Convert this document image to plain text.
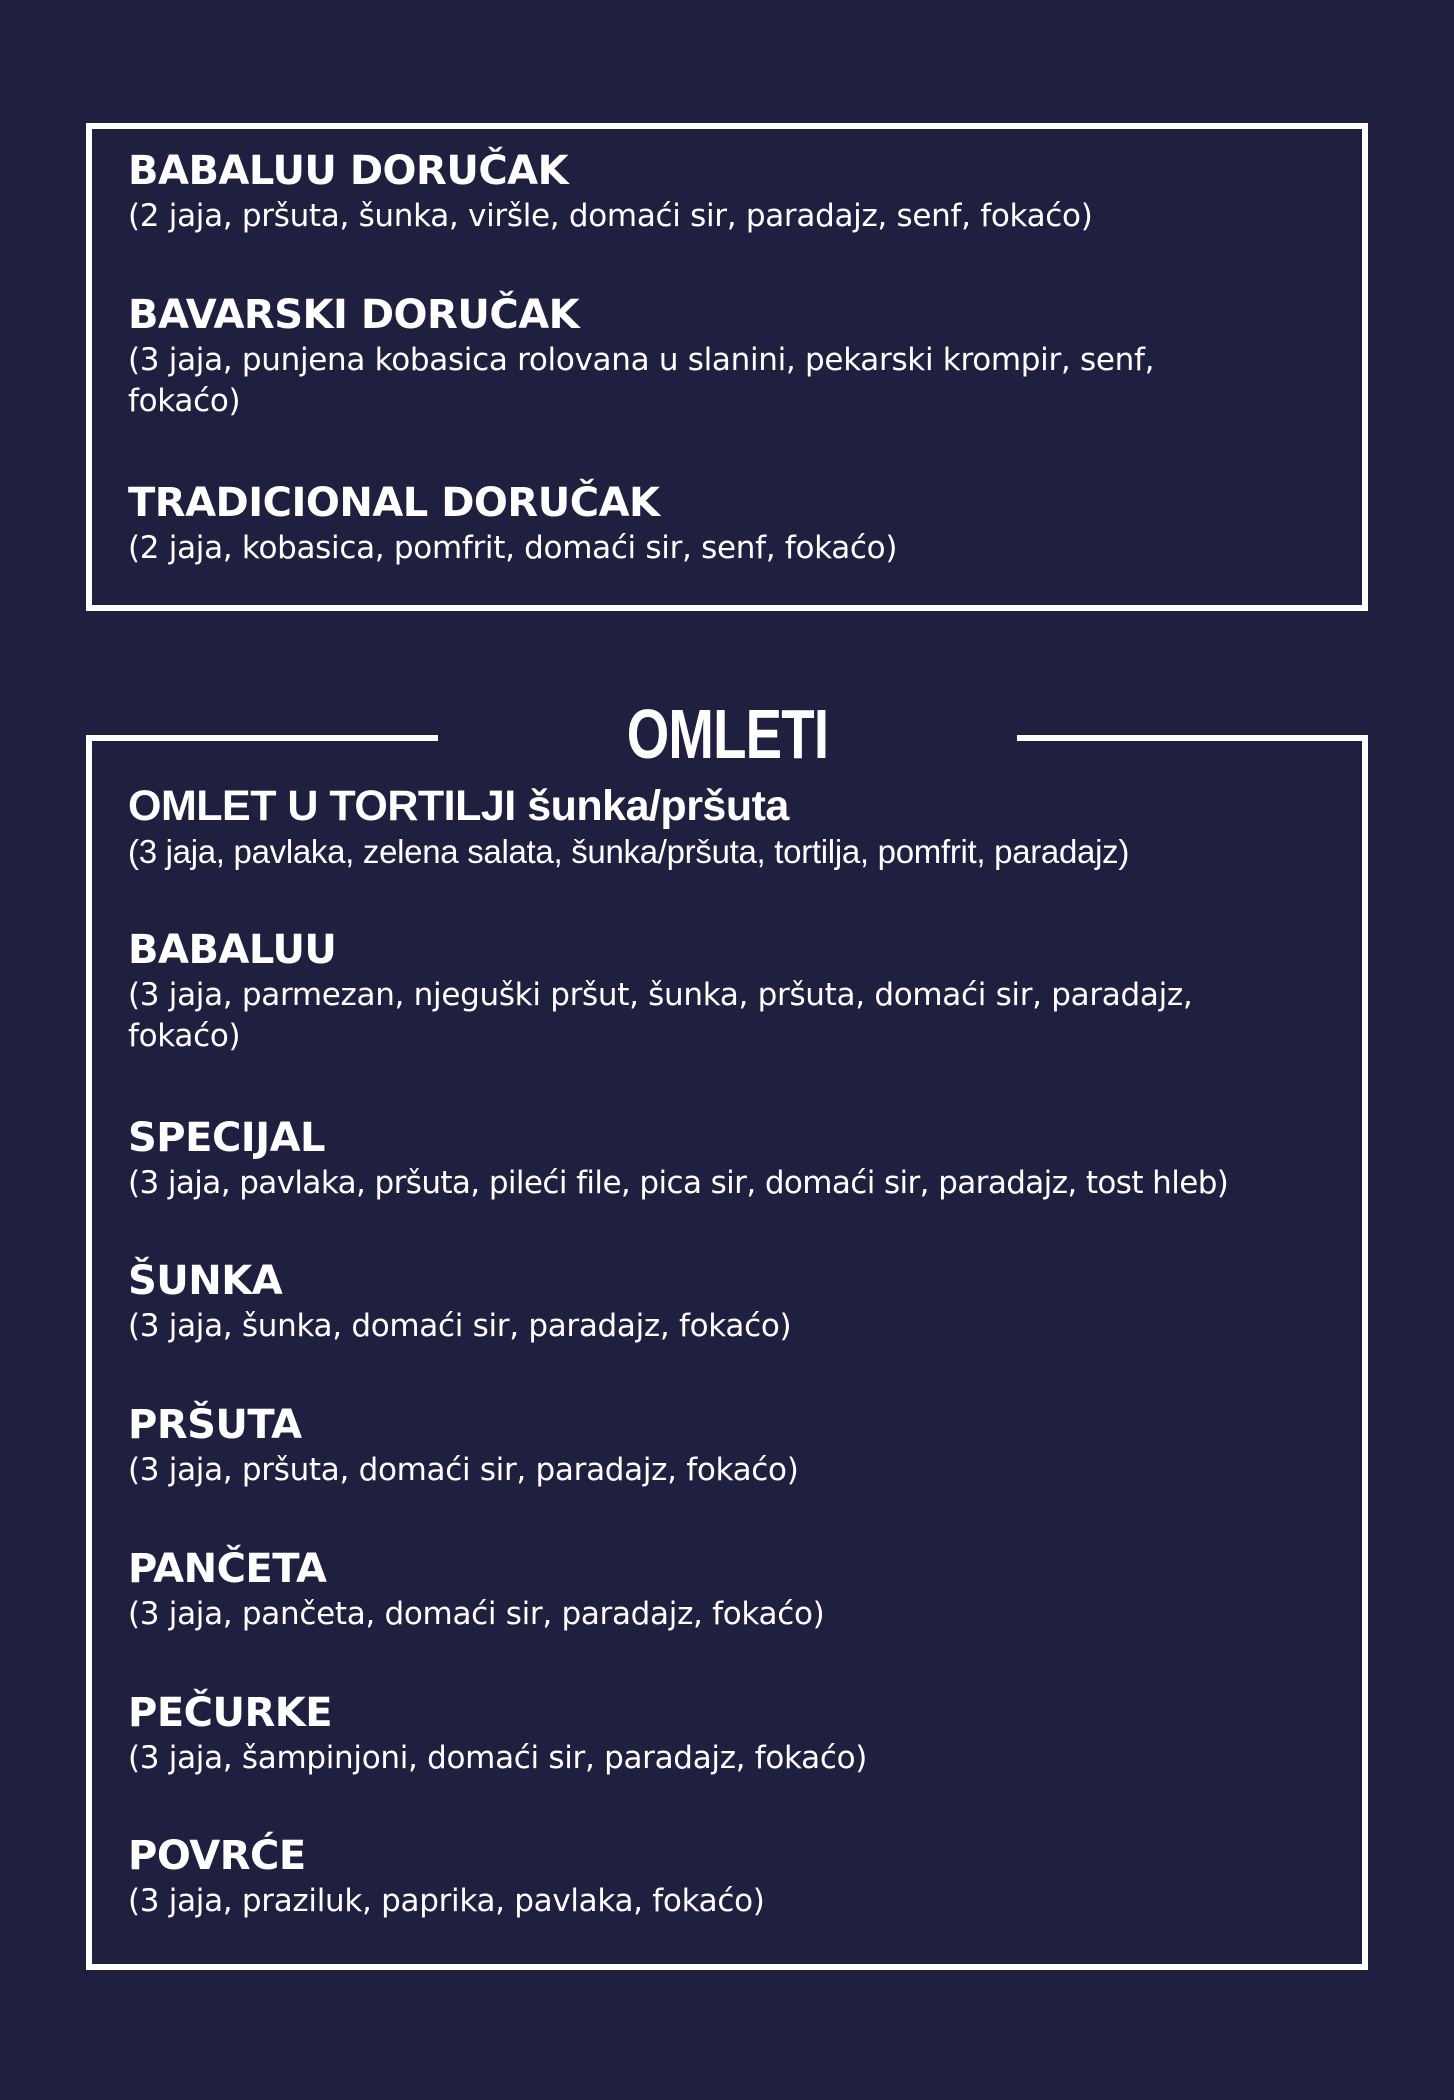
BABALUU DORUČAK
(2 jaja, pršuta, šunka, viršle, domaći sir, paradajz, senf, fokaćo)
BAVARSKI DORUČAK
(3 jaja, punjena kobasica rolovana u slanini, pekarski krompir, senf, fokaćo)
TRADICIONAL DORUČAK
(2 jaja, kobasica, pomfrit, domaći sir, senf, fokaćo)
OMLETI
OMLET U TORTILJI šunka/pršuta
(3 jaja, pavlaka, zelena salata, šunka/pršuta, tortilja, pomfrit, paradajz)
BABALUU
(3 jaja, parmezan, njeguški pršut, šunka, pršuta, domaći sir, paradajz, fokaćo)
SPECIJAL
(3 jaja, pavlaka, pršuta, pileći file, pica sir, domaći sir, paradajz, tost hleb)
ŠUNKA
(3 jaja, šunka, domaći sir, paradajz, fokaćo)
PRŠUTA
(3 jaja, pršuta, domaći sir, paradajz, fokaćo)
PANČETA
(3 jaja, pančeta, domaći sir, paradajz, fokaćo)
PEČURKE
(3 jaja, šampinjoni, domaći sir, paradajz, fokaćo)
POVRĆE
(3 jaja, praziluk, paprika, pavlaka, fokaćo)
